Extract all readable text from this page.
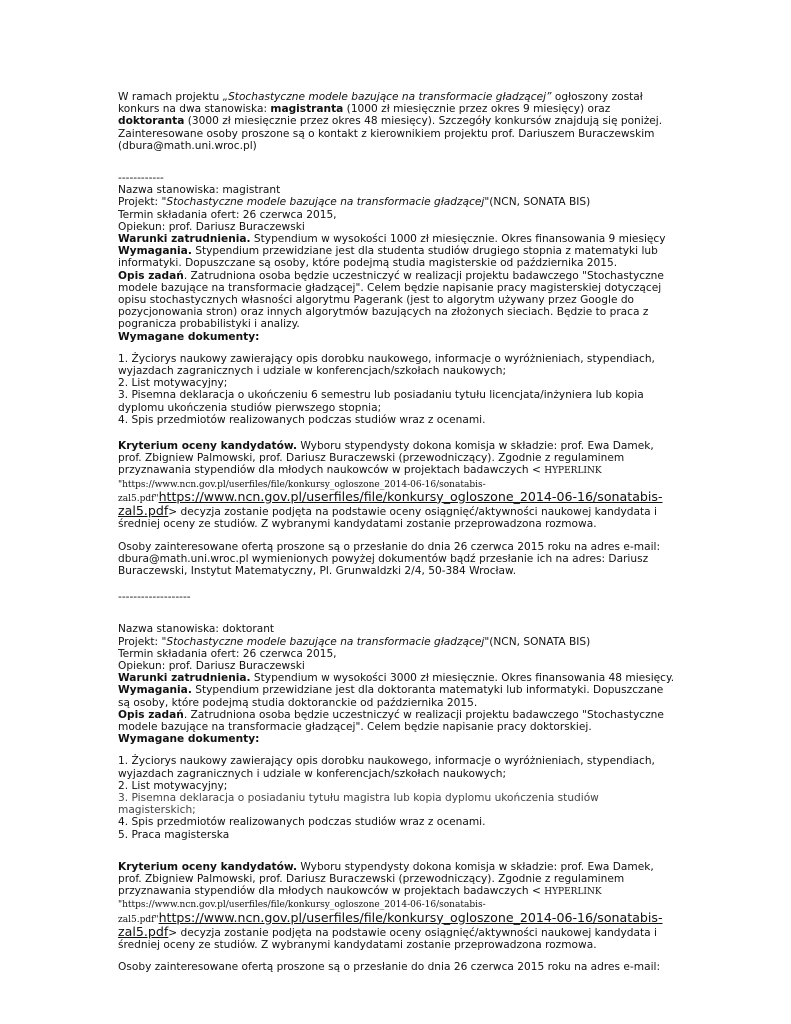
W ramach projektu „Stochastyczne modele bazujące na transformacie gładzącej” ogłoszony został konkurs na dwa stanowiska: magistranta (1000 zł miesięcznie przez okres 9 miesięcy) oraz doktoranta (3000 zł miesięcznie przez okres 48 miesięcy). Szczegóły konkursów znajdują się poniżej. Zainteresowane osoby proszone są o kontakt z kierownikiem projektu prof. Dariuszem Buraczewskim (dbura@math.uni.wroc.pl)

------------

Nazwa stanowiska: magistrant

Projekt: "Stochastyczne modele bazujące na transformacie gładzącej"(NCN, SONATA BIS)

Termin składania ofert: 26 czerwca 2015,

Opiekun: prof. Dariusz Buraczewski

Warunki zatrudnienia. Stypendium w wysokości 1000 zł miesięcznie. Okres finansowania 9 miesięcy

Wymagania. Stypendium przewidziane jest dla studenta studiów drugiego stopnia z matematyki lub informatyki. Dopuszczane są osoby, które podejmą studia magisterskie od października 2015.

Opis zadań. Zatrudniona osoba będzie uczestniczyć w realizacji projektu badawczego "Stochastyczne modele bazujące na transformacie gładzącej". Celem będzie napisanie pracy magisterskiej dotyczącej opisu stochastycznych własności algorytmu Pagerank (jest to algorytm używany przez Google do pozycjonowania stron) oraz innych algorytmów bazujących na złożonych sieciach. Będzie to praca z pogranicza probabilistyki i analizy.

Wymagane dokumenty:

1. Życiorys naukowy zawierający opis dorobku naukowego, informacje o wyróżnieniach, stypendiach, wyjazdach zagranicznych i udziale w konferencjach/szkołach naukowych;

2. List motywacyjny;

3. Pisemna deklaracja o ukończeniu 6 semestru lub posiadaniu tytułu licencjata/inżyniera lub kopia dyplomu ukończenia studiów pierwszego stopnia;

4. Spis przedmiotów realizowanych podczas studiów wraz z ocenami.

Kryterium oceny kandydatów. Wyboru stypendysty dokona komisja w składzie: prof. Ewa Damek, prof. Zbigniew Palmowski, prof. Dariusz Buraczewski (przewodniczący). Zgodnie z regulaminem przyznawania stypendiów dla młodych naukowców w projektach badawczych < HYPERLINK "https://www.ncn.gov.pl/userfiles/file/konkursy_ogloszone_2014-06-16/sonatabis-zal5.pdf"https://www.ncn.gov.pl/userfiles/file/konkursy_ogloszone_2014-06-16/sonatabis-zal5.pdf> decyzja zostanie podjęta na podstawie oceny osiągnięć/aktywności naukowej kandydata i średniej oceny ze studiów. Z wybranymi kandydatami zostanie przeprowadzona rozmowa.

Osoby zainteresowane ofertą proszone są o przesłanie do dnia 26 czerwca 2015 roku na adres e-mail: dbura@math.uni.wroc.pl wymienionych powyżej dokumentów bądź przesłanie ich na adres: Dariusz Buraczewski, Instytut Matematyczny, Pl. Grunwaldzki 2/4, 50-384 Wrocław.

-------------------

Nazwa stanowiska: doktorant

Projekt: "Stochastyczne modele bazujące na transformacie gładzącej"(NCN, SONATA BIS)

Termin składania ofert: 26 czerwca 2015,

Opiekun: prof. Dariusz Buraczewski

Warunki zatrudnienia. Stypendium w wysokości 3000 zł miesięcznie. Okres finansowania 48 miesięcy.

Wymagania. Stypendium przewidziane jest dla doktoranta matematyki lub informatyki. Dopuszczane są osoby, które podejmą studia doktoranckie od października 2015.

Opis zadań. Zatrudniona osoba będzie uczestniczyć w realizacji projektu badawczego "Stochastyczne modele bazujące na transformacie gładzącej". Celem będzie napisanie pracy doktorskiej.

Wymagane dokumenty:

1. Życiorys naukowy zawierający opis dorobku naukowego, informacje o wyróżnieniach, stypendiach, wyjazdach zagranicznych i udziale w konferencjach/szkołach naukowych;

2. List motywacyjny;

3. Pisemna deklaracja o posiadaniu tytułu magistra lub kopia dyplomu ukończenia studiów magisterskich;

4. Spis przedmiotów realizowanych podczas studiów wraz z ocenami.

5. Praca magisterska

Kryterium oceny kandydatów. Wyboru stypendysty dokona komisja w składzie: prof. Ewa Damek, prof. Zbigniew Palmowski, prof. Dariusz Buraczewski (przewodniczący). Zgodnie z regulaminem przyznawania stypendiów dla młodych naukowców w projektach badawczych < HYPERLINK "https://www.ncn.gov.pl/userfiles/file/konkursy_ogloszone_2014-06-16/sonatabis-zal5.pdf"https://www.ncn.gov.pl/userfiles/file/konkursy_ogloszone_2014-06-16/sonatabis-zal5.pdf> decyzja zostanie podjęta na podstawie oceny osiągnięć/aktywności naukowej kandydata i średniej oceny ze studiów. Z wybranymi kandydatami zostanie przeprowadzona rozmowa.

Osoby zainteresowane ofertą proszone są o przesłanie do dnia 26 czerwca 2015 roku na adres e-mail:
